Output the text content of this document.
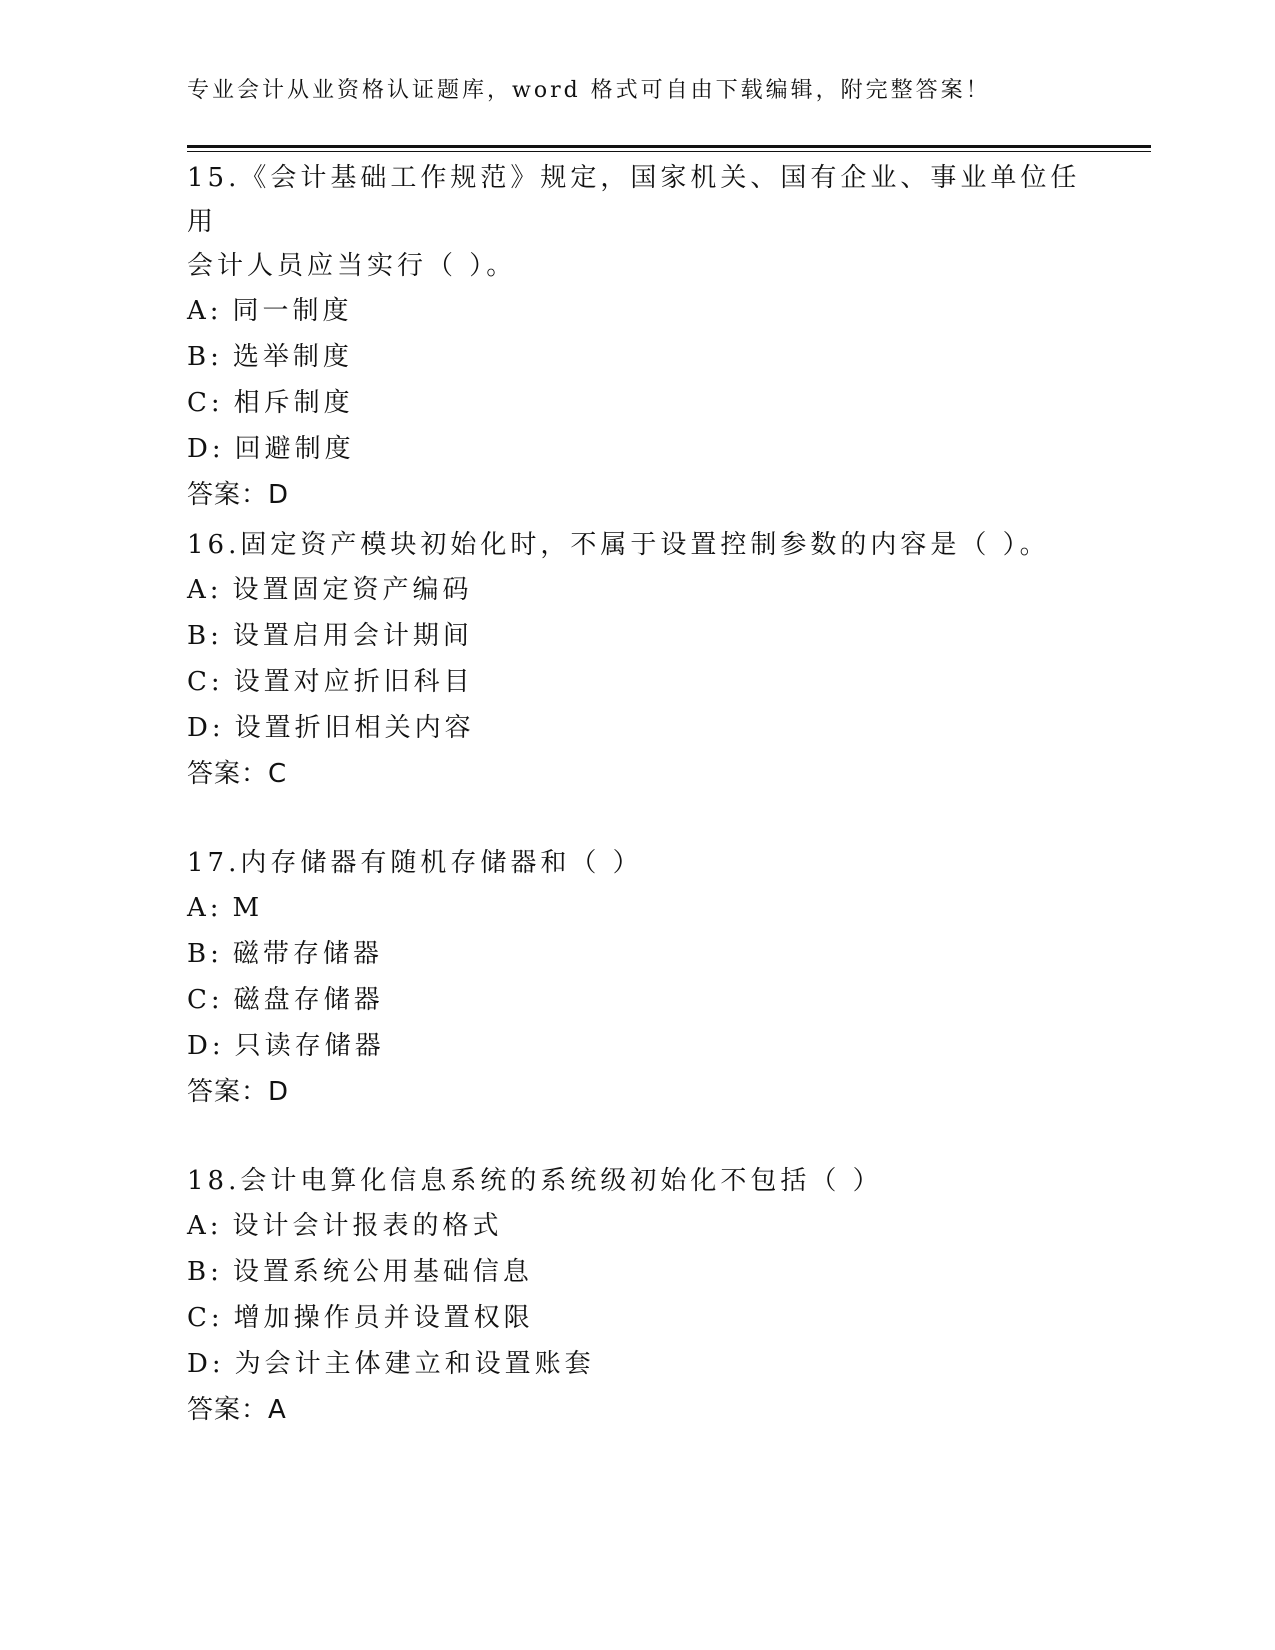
专业会计从业资格认证题库，word 格式可自由下载编辑，附完整答案！
15.《会计基础工作规范》规定，国家机关、国有企业、事业单位任用
会计人员应当实行（ ）。
A: 同一制度
B: 选举制度
C: 相斥制度
D: 回避制度
答案：D
16.固定资产模块初始化时，不属于设置控制参数的内容是（ ）。
A: 设置固定资产编码
B: 设置启用会计期间
C: 设置对应折旧科目
D: 设置折旧相关内容
答案：C
17.内存储器有随机存储器和（ ）
A: M
B: 磁带存储器
C: 磁盘存储器
D: 只读存储器
答案：D
18.会计电算化信息系统的系统级初始化不包括（ ）
A: 设计会计报表的格式
B: 设置系统公用基础信息
C: 增加操作员并设置权限
D: 为会计主体建立和设置账套
答案：A
